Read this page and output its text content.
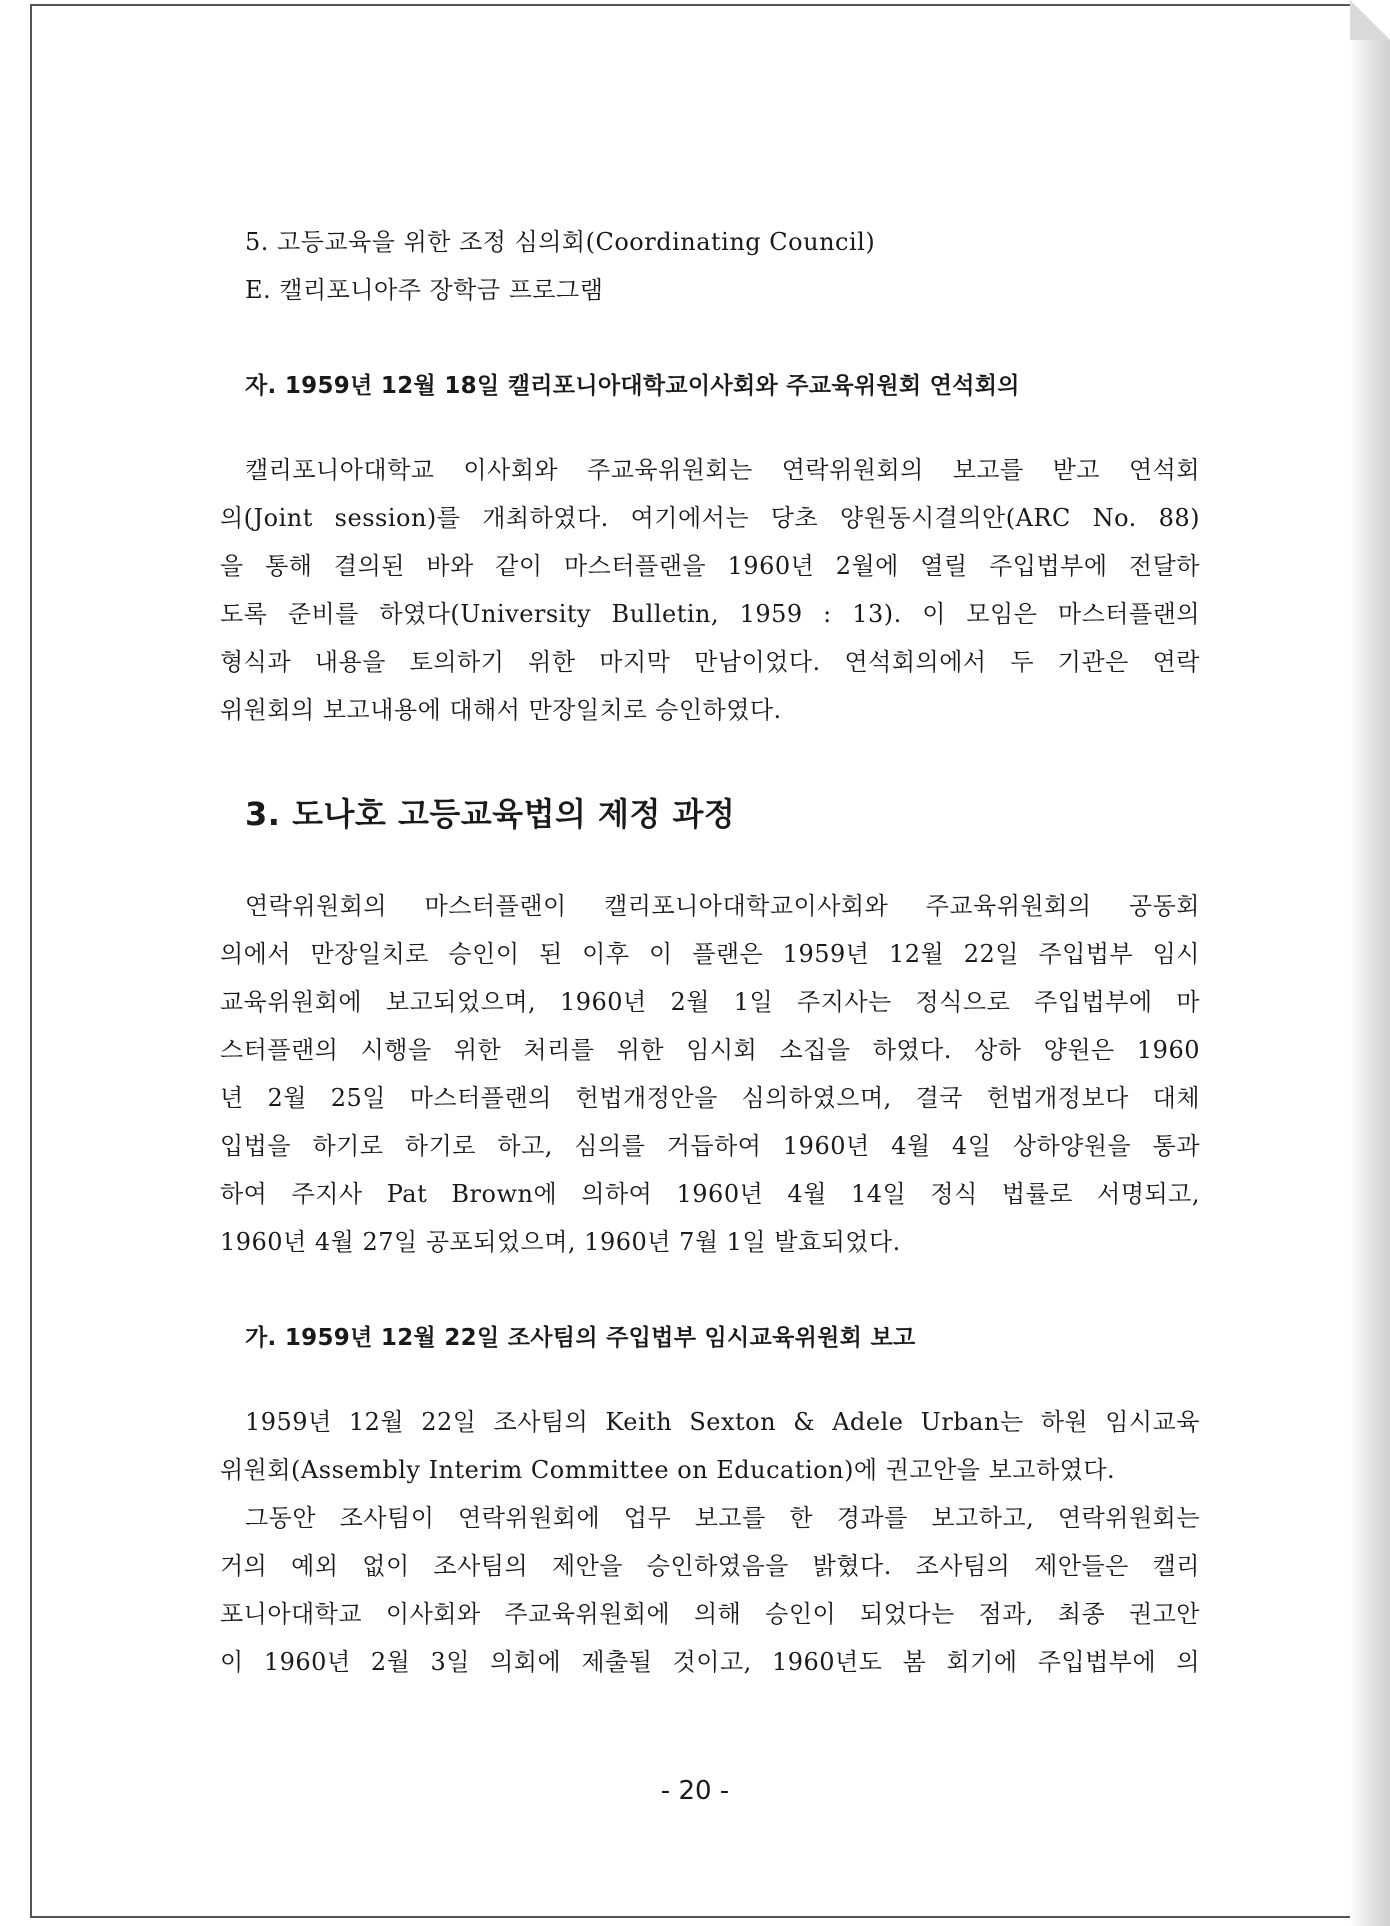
5. 고등교육을 위한 조정 심의회(Coordinating Council)
E. 캘리포니아주 장학금 프로그램
자. 1959년 12월 18일 캘리포니아대학교이사회와 주교육위원회 연석회의
캘리포니아대학교 이사회와 주교육위원회는 연락위원회의 보고를 받고 연석회
의(Joint session)를 개최하였다. 여기에서는 당초 양원동시결의안(ARC No. 88)
을 통해 결의된 바와 같이 마스터플랜을 1960년 2월에 열릴 주입법부에 전달하
도록 준비를 하였다(University Bulletin, 1959 : 13). 이 모임은 마스터플랜의
형식과 내용을 토의하기 위한 마지막 만남이었다. 연석회의에서 두 기관은 연락
위원회의 보고내용에 대해서 만장일치로 승인하였다.
3. 도나호 고등교육법의 제정 과정
연락위원회의 마스터플랜이 캘리포니아대학교이사회와 주교육위원회의 공동회
의에서 만장일치로 승인이 된 이후 이 플랜은 1959년 12월 22일 주입법부 임시
교육위원회에 보고되었으며, 1960년 2월 1일 주지사는 정식으로 주입법부에 마
스터플랜의 시행을 위한 처리를 위한 임시회 소집을 하였다. 상하 양원은 1960
년 2월 25일 마스터플랜의 헌법개정안을 심의하였으며, 결국 헌법개정보다 대체
입법을 하기로 하기로 하고, 심의를 거듭하여 1960년 4월 4일 상하양원을 통과
하여 주지사 Pat Brown에 의하여 1960년 4월 14일 정식 법률로 서명되고,
1960년 4월 27일 공포되었으며, 1960년 7월 1일 발효되었다.
가. 1959년 12월 22일 조사팀의 주입법부 임시교육위원회 보고
1959년 12월 22일 조사팀의 Keith Sexton & Adele Urban는 하원 임시교육
위원회(Assembly Interim Committee on Education)에 권고안을 보고하였다.
그동안 조사팀이 연락위원회에 업무 보고를 한 경과를 보고하고, 연락위원회는
거의 예외 없이 조사팀의 제안을 승인하였음을 밝혔다. 조사팀의 제안들은 캘리
포니아대학교 이사회와 주교육위원회에 의해 승인이 되었다는 점과, 최종 권고안
이 1960년 2월 3일 의회에 제출될 것이고, 1960년도 봄 회기에 주입법부에 의
- 20 -
